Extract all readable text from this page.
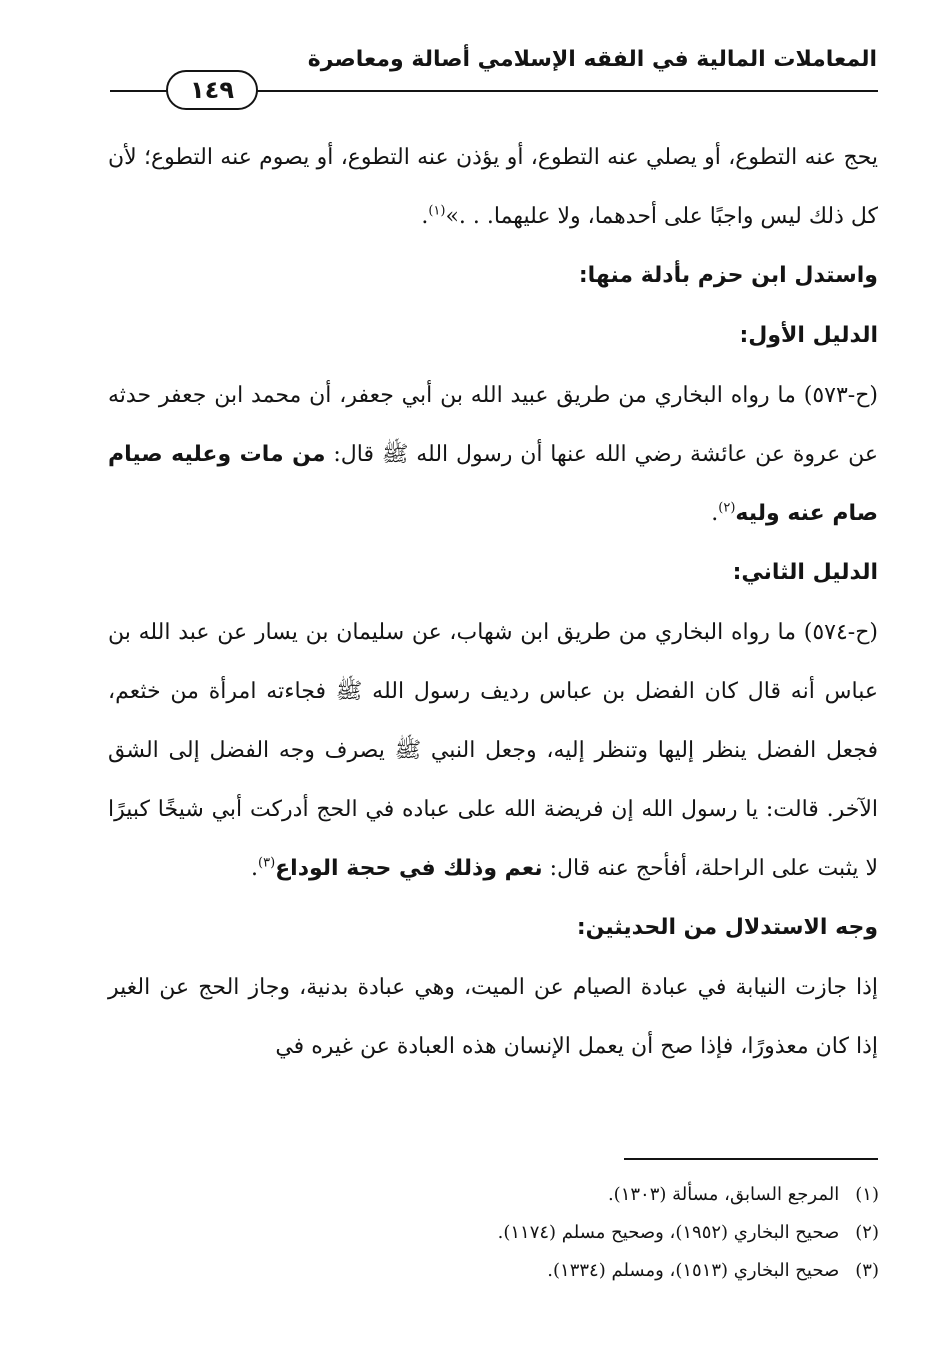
المعاملات المالية في الفقه الإسلامي أصالة ومعاصرة
١٤٩

يحج عنه التطوع، أو يصلي عنه التطوع، أو يؤذن عنه التطوع، أو يصوم عنه التطوع؛ لأن كل ذلك ليس واجبًا على أحدهما، ولا عليهما. . .»$^{(١)}$.

واستدل ابن حزم بأدلة منها:

الدليل الأول:

(ح-٥٧٣) ما رواه البخاري من طريق عبيد الله بن أبي جعفر، أن محمد ابن جعفر حدثه عن عروة عن عائشة رضي الله عنها أن رسول الله ﷺ قال: من مات وعليه صيام صام عنه وليه$^{(٢)}$.

الدليل الثاني:

(ح-٥٧٤) ما رواه البخاري من طريق ابن شهاب، عن سليمان بن يسار عن عبد الله بن عباس أنه قال كان الفضل بن عباس رديف رسول الله ﷺ فجاءته امرأة من خثعم، فجعل الفضل ينظر إليها وتنظر إليه، وجعل النبي ﷺ يصرف وجه الفضل إلى الشق الآخر. قالت: يا رسول الله إن فريضة الله على عباده في الحج أدركت أبي شيخًا كبيرًا لا يثبت على الراحلة، أفأحج عنه قال: نعم وذلك في حجة الوداع$^{(٣)}$.

وجه الاستدلال من الحديثين:

إذا جازت النيابة في عبادة الصيام عن الميت، وهي عبادة بدنية، وجاز الحج عن الغير إذا كان معذورًا، فإذا صح أن يعمل الإنسان هذه العبادة عن غيره في

(١) المرجع السابق، مسألة (١٣٠٣).
(٢) صحيح البخاري (١٩٥٢)، وصحيح مسلم (١١٧٤).
(٣) صحيح البخاري (١٥١٣)، ومسلم (١٣٣٤).
